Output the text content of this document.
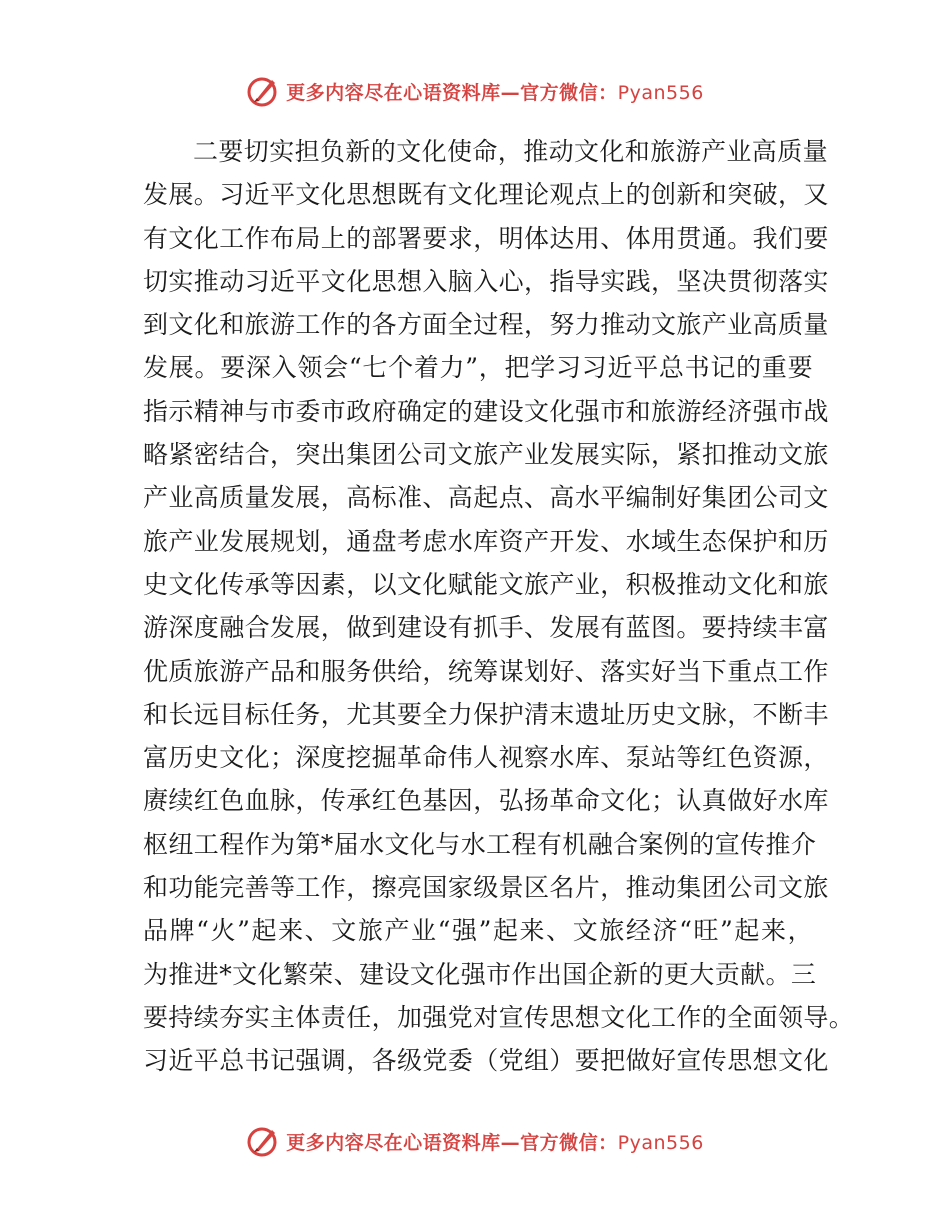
更多内容尽在心语资料库—官方微信：Pyan556
二要切实担负新的文化使命，推动文化和旅游产业高质量
发展。习近平文化思想既有文化理论观点上的创新和突破，又
有文化工作布局上的部署要求，明体达用、体用贯通。我们要
切实推动习近平文化思想入脑入心，指导实践，坚决贯彻落实
到文化和旅游工作的各方面全过程，努力推动文旅产业高质量
发展。要深入领会“七个着力”，把学习习近平总书记的重要
指示精神与市委市政府确定的建设文化强市和旅游经济强市战
略紧密结合，突出集团公司文旅产业发展实际，紧扣推动文旅
产业高质量发展，高标准、高起点、高水平编制好集团公司文
旅产业发展规划，通盘考虑水库资产开发、水域生态保护和历
史文化传承等因素，以文化赋能文旅产业，积极推动文化和旅
游深度融合发展，做到建设有抓手、发展有蓝图。要持续丰富
优质旅游产品和服务供给，统筹谋划好、落实好当下重点工作
和长远目标任务，尤其要全力保护清末遗址历史文脉，不断丰
富历史文化；深度挖掘革命伟人视察水库、泵站等红色资源，
赓续红色血脉，传承红色基因，弘扬革命文化；认真做好水库
枢纽工程作为第*届水文化与水工程有机融合案例的宣传推介
和功能完善等工作，擦亮国家级景区名片，推动集团公司文旅
品牌“火”起来、文旅产业“强”起来、文旅经济“旺”起来，
为推进*文化繁荣、建设文化强市作出国企新的更大贡献。三
要持续夯实主体责任，加强党对宣传思想文化工作的全面领导。
习近平总书记强调，各级党委（党组）要把做好宣传思想文化
更多内容尽在心语资料库—官方微信：Pyan556
